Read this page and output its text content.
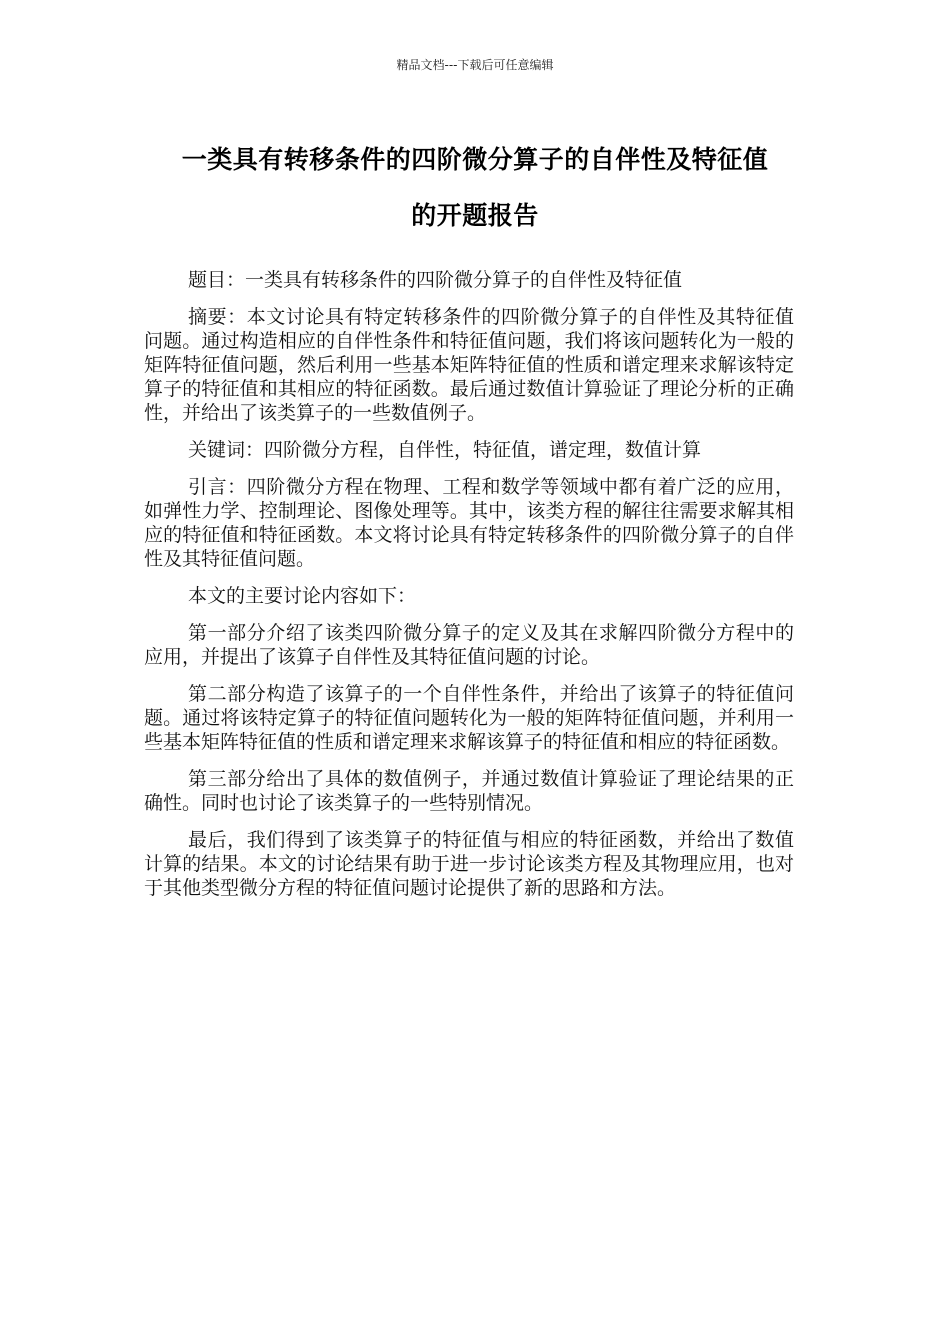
精品文档---下载后可任意编辑
一类具有转移条件的四阶微分算子的自伴性及特征值
的开题报告

题目：一类具有转移条件的四阶微分算子的自伴性及特征值

摘要：本文讨论具有特定转移条件的四阶微分算子的自伴性及其特征值问题。通过构造相应的自伴性条件和特征值问题，我们将该问题转化为一般的矩阵特征值问题，然后利用一些基本矩阵特征值的性质和谱定理来求解该特定算子的特征值和其相应的特征函数。最后通过数值计算验证了理论分析的正确性，并给出了该类算子的一些数值例子。

关键词：四阶微分方程，自伴性，特征值，谱定理，数值计算

引言：四阶微分方程在物理、工程和数学等领域中都有着广泛的应用，如弹性力学、控制理论、图像处理等。其中，该类方程的解往往需要求解其相应的特征值和特征函数。本文将讨论具有特定转移条件的四阶微分算子的自伴性及其特征值问题。

本文的主要讨论内容如下：

第一部分介绍了该类四阶微分算子的定义及其在求解四阶微分方程中的应用，并提出了该算子自伴性及其特征值问题的讨论。

第二部分构造了该算子的一个自伴性条件，并给出了该算子的特征值问题。通过将该特定算子的特征值问题转化为一般的矩阵特征值问题，并利用一些基本矩阵特征值的性质和谱定理来求解该算子的特征值和相应的特征函数。

第三部分给出了具体的数值例子，并通过数值计算验证了理论结果的正确性。同时也讨论了该类算子的一些特别情况。

最后，我们得到了该类算子的特征值与相应的特征函数，并给出了数值计算的结果。本文的讨论结果有助于进一步讨论该类方程及其物理应用，也对于其他类型微分方程的特征值问题讨论提供了新的思路和方法。
